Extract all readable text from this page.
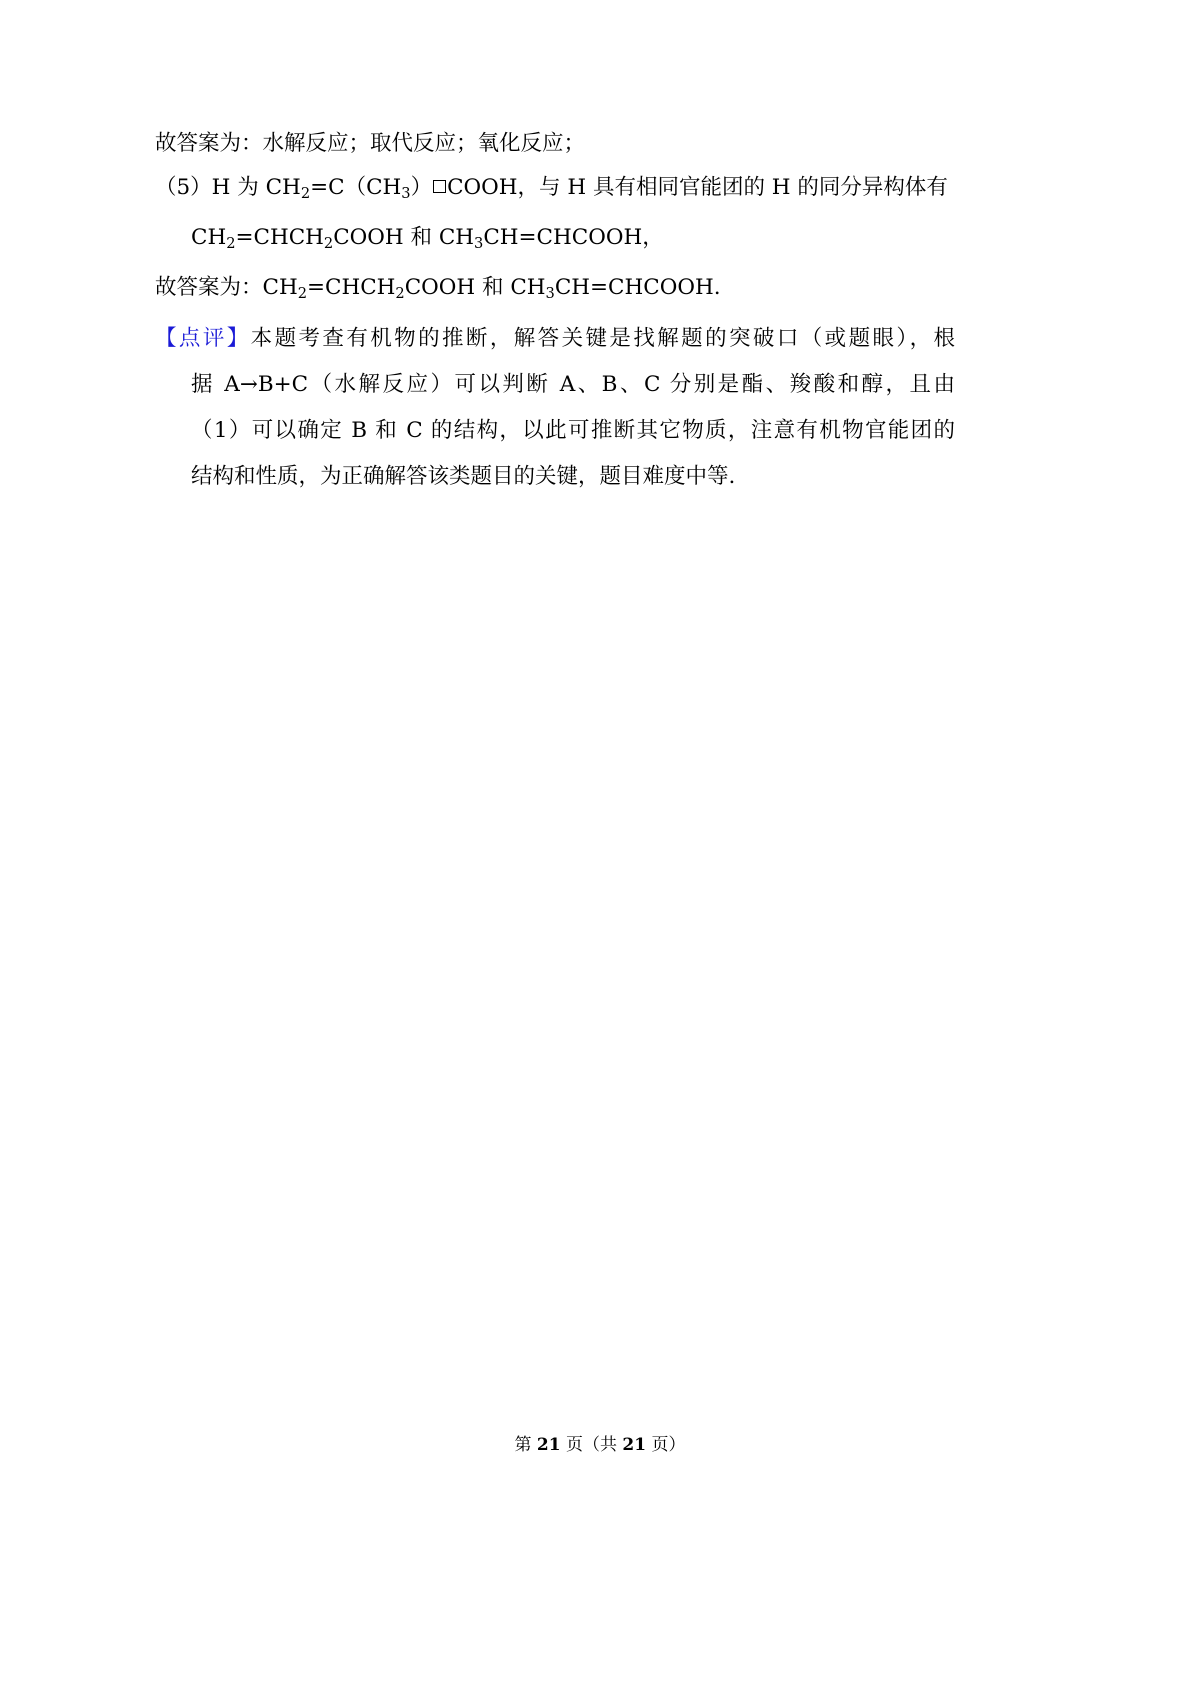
故答案为：水解反应；取代反应；氧化反应；
（5）H 为 $CH_2=C(CH_3)$ COOH，与 H 具有相同官能团的 H 的同分异构体有
$CH_2=CHCH_2COOH$ 和 $CH_3CH=CHCOOH$，
故答案为：$CH_2=CHCH_2COOH$ 和 $CH_3CH=CHCOOH$.
【点评】本题考查有机物的推断，解答关键是找解题的突破口（或题眼），根
据 A→B+C（水解反应）可以判断 A、B、C 分别是酯、羧酸和醇，且由
（1）可以确定 B 和 C 的结构，以此可推断其它物质，注意有机物官能团的
结构和性质，为正确解答该类题目的关键，题目难度中等.
第 21 页（共 21 页）
